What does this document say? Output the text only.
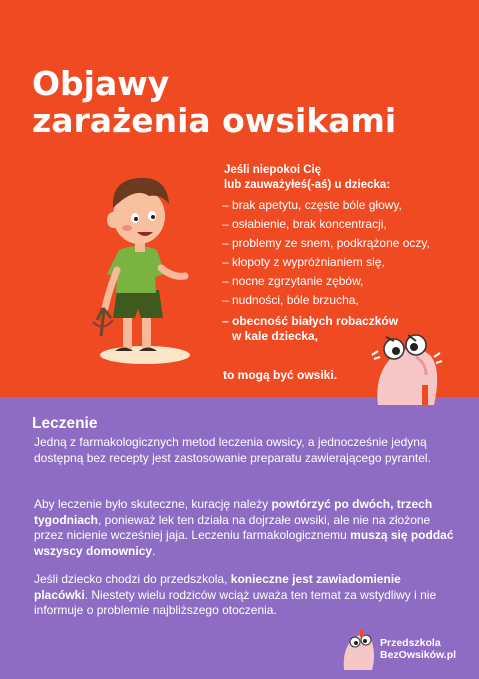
Objawy
zarażenia owsikami
Jeśli niepokoi Cię
lub zauważyłeś(-aś) u dziecka:
– brak apetytu, częste bóle głowy,
– osłabienie, brak koncentracji,
– problemy ze snem, podkrążone oczy,
– kłopoty z wypróżnianiem się,
– nocne zgrzytanie zębów,
– nudności, bóle brzucha,
– obecność białych robaczków
w kale dziecka,
to mogą być owsiki.
Leczenie

Jedną z farmakologicznych metod leczenia owsicy, a jednocześnie jedyną dostępną bez recepty jest zastosowanie preparatu zawierającego pyrantel.

Aby leczenie było skuteczne, kurację należy powtórzyć po dwóch, trzech tygodniach, ponieważ lek ten działa na dojrzałe owsiki, ale nie na złożone przez nicienie wcześniej jaja. Leczeniu farmakologicznemu muszą się poddać wszyscy domownicy.

Jeśli dziecko chodzi do przedszkola, konieczne jest zawiadomienie placówki. Niestety wielu rodziców wciąż uważa ten temat za wstydliwy i nie informuje o problemie najbliższego otoczenia.

Przedszkola
BezOwsików.pl
